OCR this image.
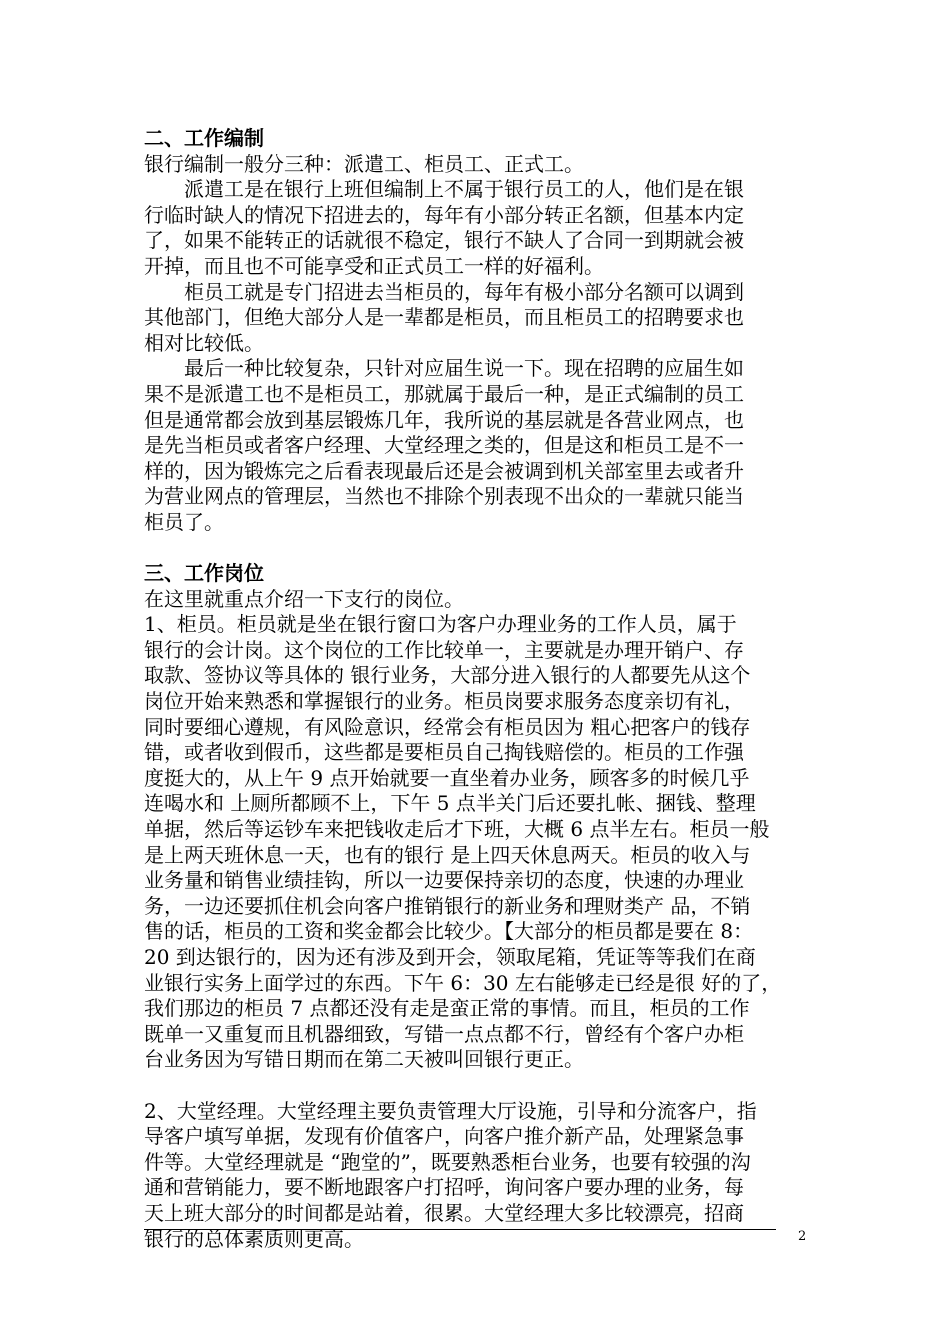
二、工作编制

银行编制一般分三种：派遣工、柜员工、正式工。

　　派遣工是在银行上班但编制上不属于银行员工的人，他们是在银

行临时缺人的情况下招进去的，每年有小部分转正名额，但基本内定

了，如果不能转正的话就很不稳定，银行不缺人了合同一到期就会被

开掉，而且也不可能享受和正式员工一样的好福利。

　　柜员工就是专门招进去当柜员的，每年有极小部分名额可以调到

其他部门，但绝大部分人是一辈都是柜员，而且柜员工的招聘要求也

相对比较低。

　　最后一种比较复杂，只针对应届生说一下。现在招聘的应届生如

果不是派遣工也不是柜员工，那就属于最后一种，是正式编制的员工

但是通常都会放到基层锻炼几年，我所说的基层就是各营业网点，也

是先当柜员或者客户经理、大堂经理之类的，但是这和柜员工是不一

样的，因为锻炼完之后看表现最后还是会被调到机关部室里去或者升

为营业网点的管理层，当然也不排除个别表现不出众的一辈就只能当

柜员了。

三、工作岗位

在这里就重点介绍一下支行的岗位。

1、柜员。柜员就是坐在银行窗口为客户办理业务的工作人员，属于

银行的会计岗。这个岗位的工作比较单一，主要就是办理开销户、存

取款、签协议等具体的 银行业务，大部分进入银行的人都要先从这个

岗位开始来熟悉和掌握银行的业务。柜员岗要求服务态度亲切有礼，

同时要细心遵规，有风险意识，经常会有柜员因为 粗心把客户的钱存

错，或者收到假币，这些都是要柜员自己掏钱赔偿的。柜员的工作强

度挺大的，从上午 9 点开始就要一直坐着办业务，顾客多的时候几乎

连喝水和 上厕所都顾不上，下午 5 点半关门后还要扎帐、捆钱、整理

单据，然后等运钞车来把钱收走后才下班，大概 6 点半左右。柜员一般

是上两天班休息一天，也有的银行 是上四天休息两天。柜员的收入与

业务量和销售业绩挂钩，所以一边要保持亲切的态度，快速的办理业

务，一边还要抓住机会向客户推销银行的新业务和理财类产 品，不销

售的话，柜员的工资和奖金都会比较少。【大部分的柜员都是要在 8：

20 到达银行的，因为还有涉及到开会，领取尾箱，凭证等等我们在商

业银行实务上面学过的东西。下午 6：30 左右能够走已经是很 好的了，

我们那边的柜员 7 点都还没有走是蛮正常的事情。而且，柜员的工作

既单一又重复而且机器细致，写错一点点都不行，曾经有个客户办柜

台业务因为写错日期而在第二天被叫回银行更正。

2、大堂经理。大堂经理主要负责管理大厅设施，引导和分流客户，指

导客户填写单据，发现有价值客户，向客户推介新产品，处理紧急事

件等。大堂经理就是 “跑堂的”，既要熟悉柜台业务，也要有较强的沟

通和营销能力，要不断地跟客户打招呼，询问客户要办理的业务，每

天上班大部分的时间都是站着，很累。大堂经理大多比较漂亮，招商

银行的总体素质则更高。	2
